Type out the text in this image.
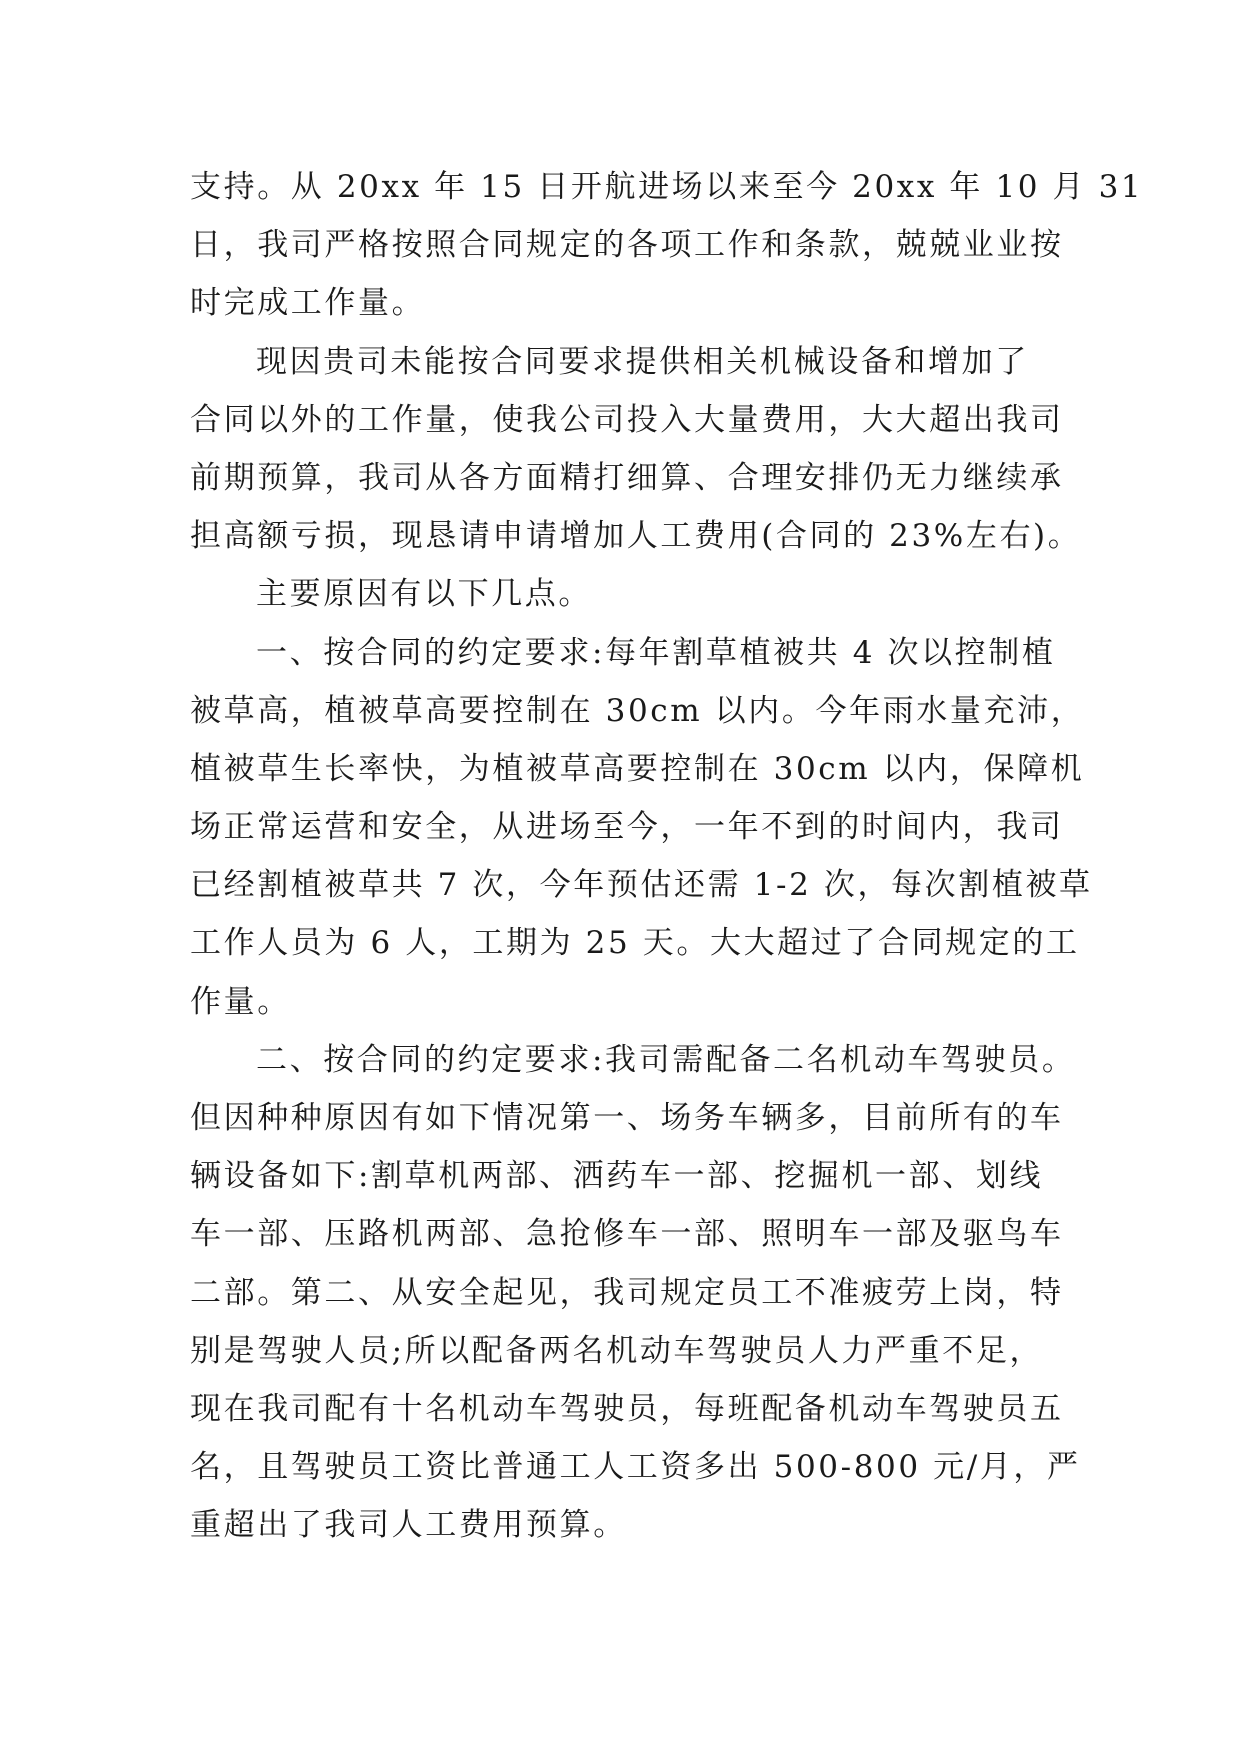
支持。从 20xx 年 15 日开航进场以来至今 20xx 年 10 月 31
日，我司严格按照合同规定的各项工作和条款，兢兢业业按
时完成工作量。
现因贵司未能按合同要求提供相关机械设备和增加了
合同以外的工作量，使我公司投入大量费用，大大超出我司
前期预算，我司从各方面精打细算、合理安排仍无力继续承
担高额亏损，现恳请申请增加人工费用(合同的 23%左右)。
主要原因有以下几点。
一、按合同的约定要求:每年割草植被共 4 次以控制植
被草高，植被草高要控制在 30cm 以内。今年雨水量充沛，
植被草生长率快，为植被草高要控制在 30cm 以内，保障机
场正常运营和安全，从进场至今，一年不到的时间内，我司
已经割植被草共 7 次，今年预估还需 1-2 次，每次割植被草
工作人员为 6 人，工期为 25 天。大大超过了合同规定的工
作量。
二、按合同的约定要求:我司需配备二名机动车驾驶员。
但因种种原因有如下情况第一、场务车辆多，目前所有的车
辆设备如下:割草机两部、洒药车一部、挖掘机一部、划线
车一部、压路机两部、急抢修车一部、照明车一部及驱鸟车
二部。第二、从安全起见，我司规定员工不准疲劳上岗，特
别是驾驶人员;所以配备两名机动车驾驶员人力严重不足，
现在我司配有十名机动车驾驶员，每班配备机动车驾驶员五
名，且驾驶员工资比普通工人工资多出 500-800 元/月，严
重超出了我司人工费用预算。
